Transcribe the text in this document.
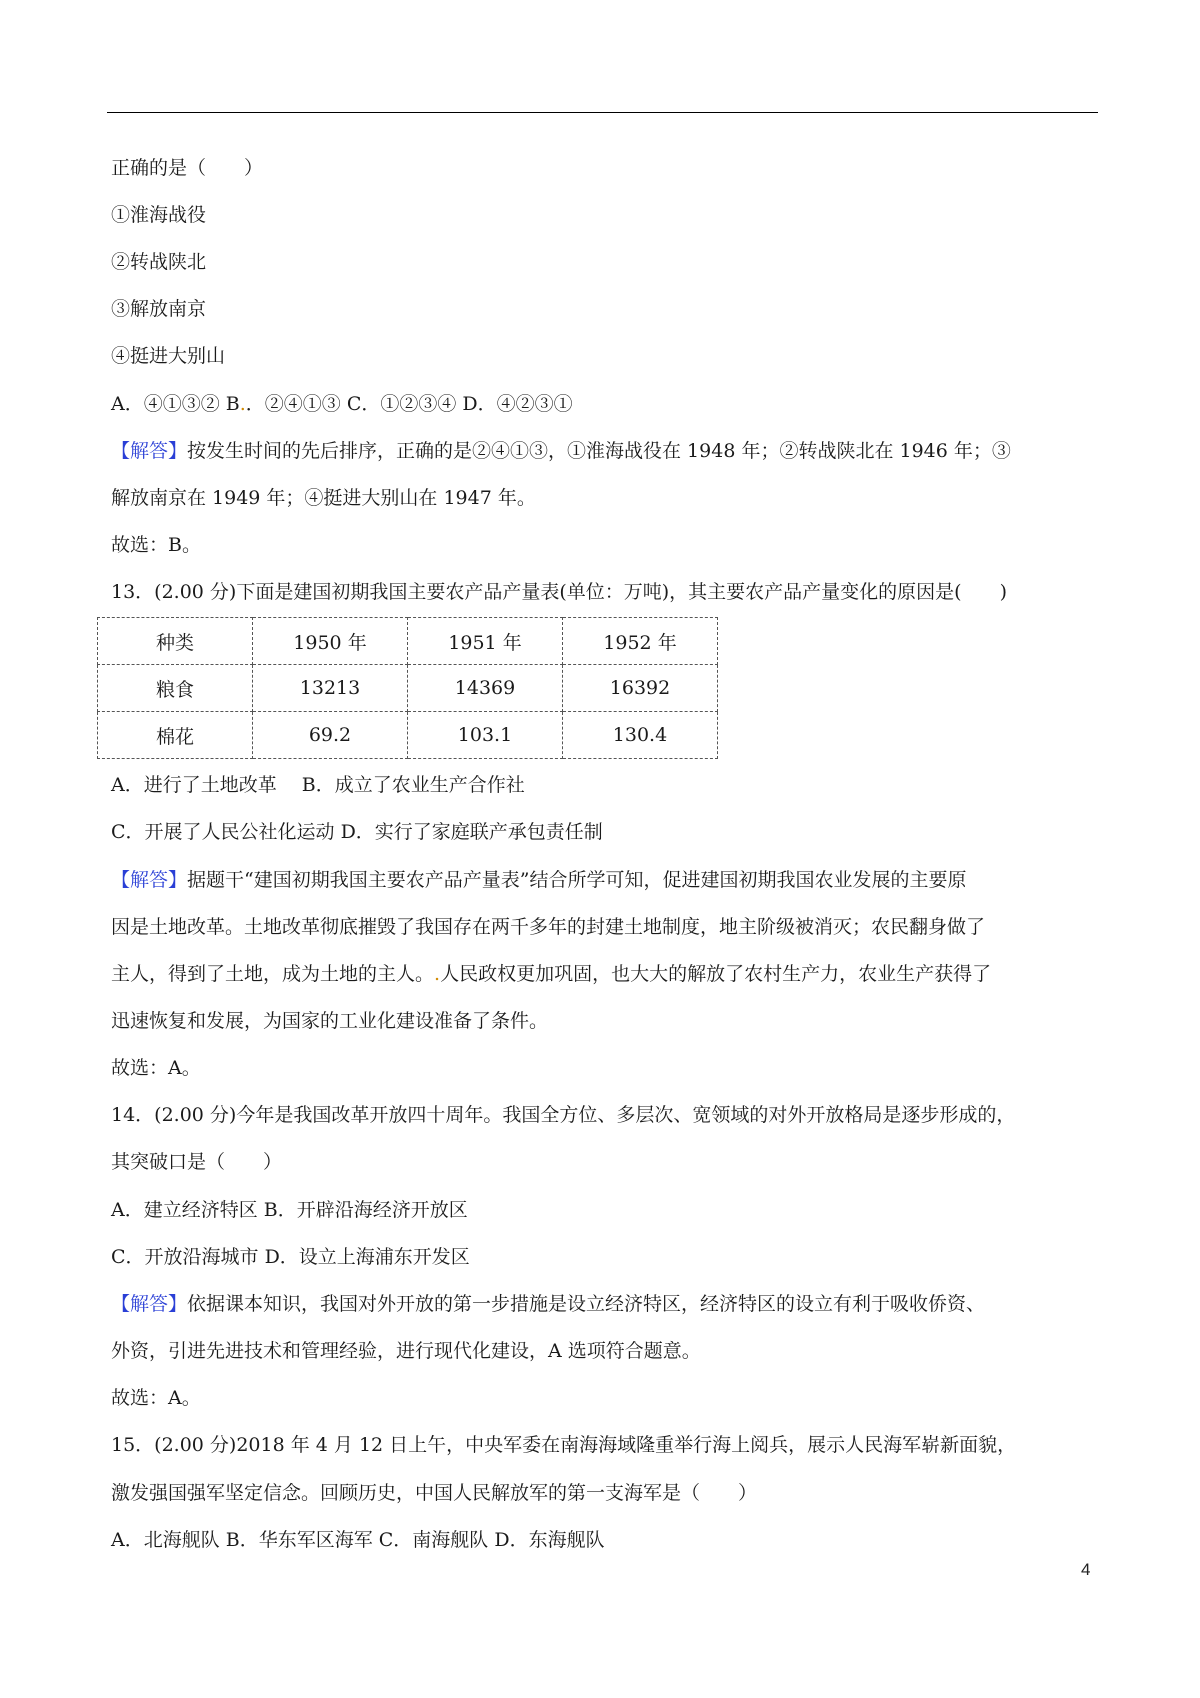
正确的是（　　）
①淮海战役
②转战陕北
③解放南京
④挺进大别山
A．④①③② B.．②④①③ C．①②③④ D．④②③①
【解答】按发生时间的先后排序，正确的是②④①③，①淮海战役在 1948 年；②转战陕北在 1946 年；③
解放南京在 1949 年；④挺进大别山在 1947 年。
故选：B。
13．(2.00 分)下面是建国初期我国主要农产品产量表(单位：万吨)，其主要农产品产量变化的原因是(　　)
种类	1950 年	1951 年	1952 年
粮食	13213	14369	16392
棉花	69.2	103.1	130.4
A．进行了土地改革　 B．成立了农业生产合作社
C．开展了人民公社化运动 D．实行了家庭联产承包责任制
【解答】据题干“建国初期我国主要农产品产量表”结合所学可知，促进建国初期我国农业发展的主要原
因是土地改革。土地改革彻底摧毁了我国存在两千多年的封建土地制度，地主阶级被消灭；农民翻身做了
主人，得到了土地，成为土地的主人。.人民政权更加巩固，也大大的解放了农村生产力，农业生产获得了
迅速恢复和发展，为国家的工业化建设准备了条件。
故选：A。
14．(2.00 分)今年是我国改革开放四十周年。我国全方位、多层次、宽领域的对外开放格局是逐步形成的，
其突破口是（　　）
A．建立经济特区 B．开辟沿海经济开放区
C．开放沿海城市 D．设立上海浦东开发区
【解答】依据课本知识，我国对外开放的第一步措施是设立经济特区，经济特区的设立有利于吸收侨资、
外资，引进先进技术和管理经验，进行现代化建设，A 选项符合题意。
故选：A。
15．(2.00 分)2018 年 4 月 12 日上午，中央军委在南海海域隆重举行海上阅兵，展示人民海军崭新面貌，
激发强国强军坚定信念。回顾历史，中国人民解放军的第一支海军是（　　）
A．北海舰队 B．华东军区海军 C．南海舰队 D．东海舰队
4
